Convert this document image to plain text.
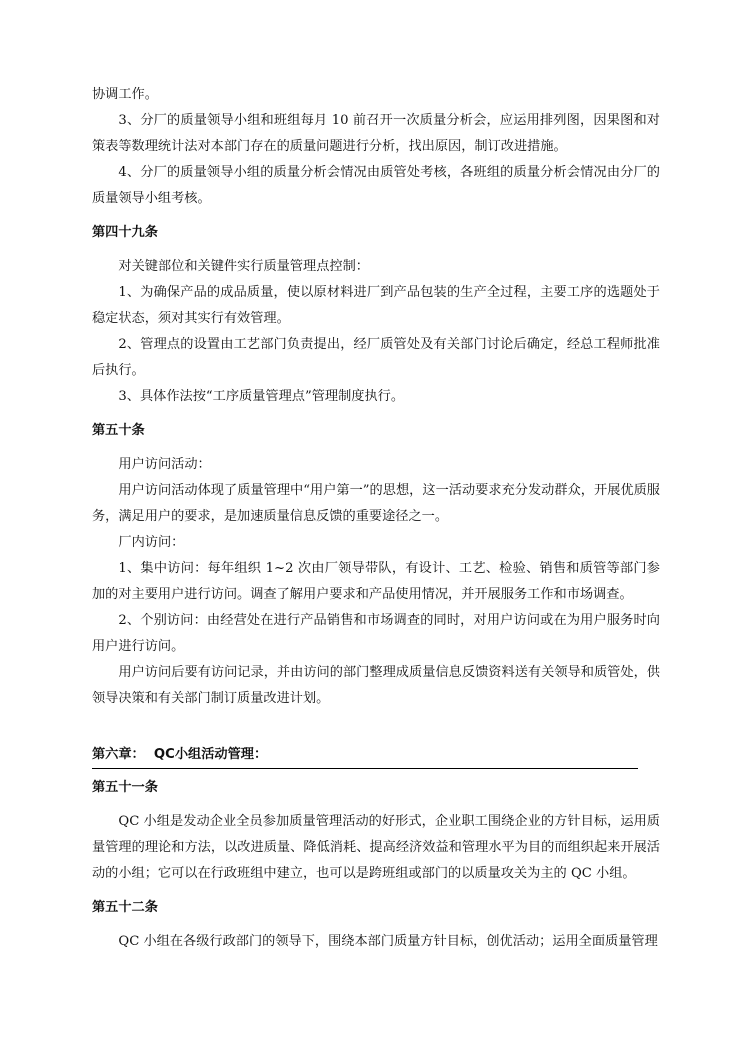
协调工作。

3、分厂的质量领导小组和班组每月 10 前召开一次质量分析会，应运用排列图，因果图和对策表等数理统计法对本部门存在的质量问题进行分析，找出原因，制订改进措施。

4、分厂的质量领导小组的质量分析会情况由质管处考核，各班组的质量分析会情况由分厂的质量领导小组考核。

第四十九条

对关键部位和关键件实行质量管理点控制：

1、为确保产品的成品质量，使以原材料进厂到产品包装的生产全过程，主要工序的选题处于稳定状态，须对其实行有效管理。

2、管理点的设置由工艺部门负责提出，经厂质管处及有关部门讨论后确定，经总工程师批准后执行。

3、具体作法按“工序质量管理点”管理制度执行。

第五十条

用户访问活动：

用户访问活动体现了质量管理中“用户第一”的思想，这一活动要求充分发动群众，开展优质服务，满足用户的要求，是加速质量信息反馈的重要途径之一。

厂内访问：

1、集中访问：每年组织 1~2 次由厂领导带队，有设计、工艺、检验、销售和质管等部门参加的对主要用户进行访问。调查了解用户要求和产品使用情况，并开展服务工作和市场调查。

2、个别访问：由经营处在进行产品销售和市场调查的同时，对用户访问或在为用户服务时向用户进行访问。

用户访问后要有访问记录，并由访问的部门整理成质量信息反馈资料送有关领导和质管处，供领导决策和有关部门制订质量改进计划。

第六章：  QC小组活动管理：
第五十一条

QC 小组是发动企业全员参加质量管理活动的好形式，企业职工围绕企业的方针目标，运用质量管理的理论和方法，以改进质量、降低消耗、提高经济效益和管理水平为目的而组织起来开展活动的小组；它可以在行政班组中建立，也可以是跨班组或部门的以质量攻关为主的 QC 小组。

第五十二条

QC 小组在各级行政部门的领导下，围绕本部门质量方针目标，创优活动；运用全面质量管理
